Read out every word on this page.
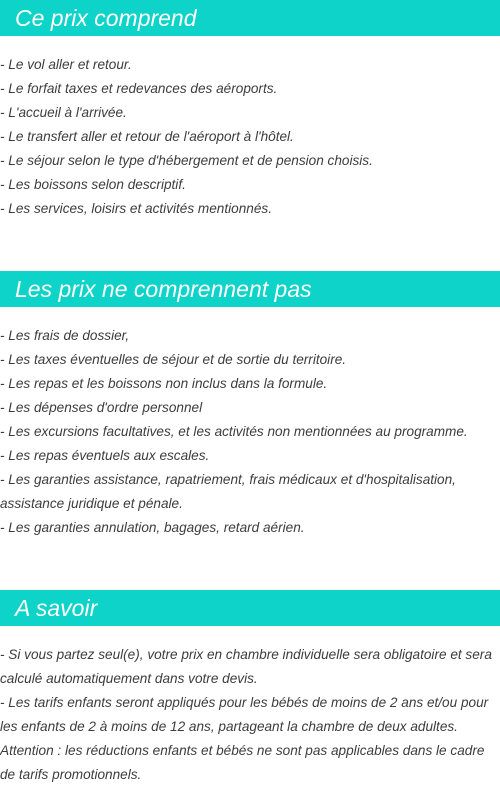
Ce prix comprend
- Le vol aller et retour.
- Le forfait taxes et redevances des aéroports.
- L'accueil à l'arrivée.
- Le transfert aller et retour de l'aéroport à l'hôtel.
- Le séjour selon le type d'hébergement et de pension choisis.
- Les boissons selon descriptif.
- Les services, loisirs et activités mentionnés.
Les prix ne comprennent pas
- Les frais de dossier,
- Les taxes éventuelles de séjour et de sortie du territoire.
- Les repas et les boissons non inclus dans la formule.
- Les dépenses d'ordre personnel
- Les excursions facultatives, et les activités non mentionnées au programme.
- Les repas éventuels aux escales.
- Les garanties assistance, rapatriement, frais médicaux et d'hospitalisation, assistance juridique et pénale.
- Les garanties annulation, bagages, retard aérien.
A savoir
- Si vous partez seul(e), votre prix en chambre individuelle sera obligatoire et sera calculé automatiquement dans votre devis.
- Les tarifs enfants seront appliqués pour les bébés de moins de 2 ans et/ou pour les enfants de 2 à moins de 12 ans, partageant la chambre de deux adultes.
Attention : les réductions enfants et bébés ne sont pas applicables dans le cadre de tarifs promotionnels.
